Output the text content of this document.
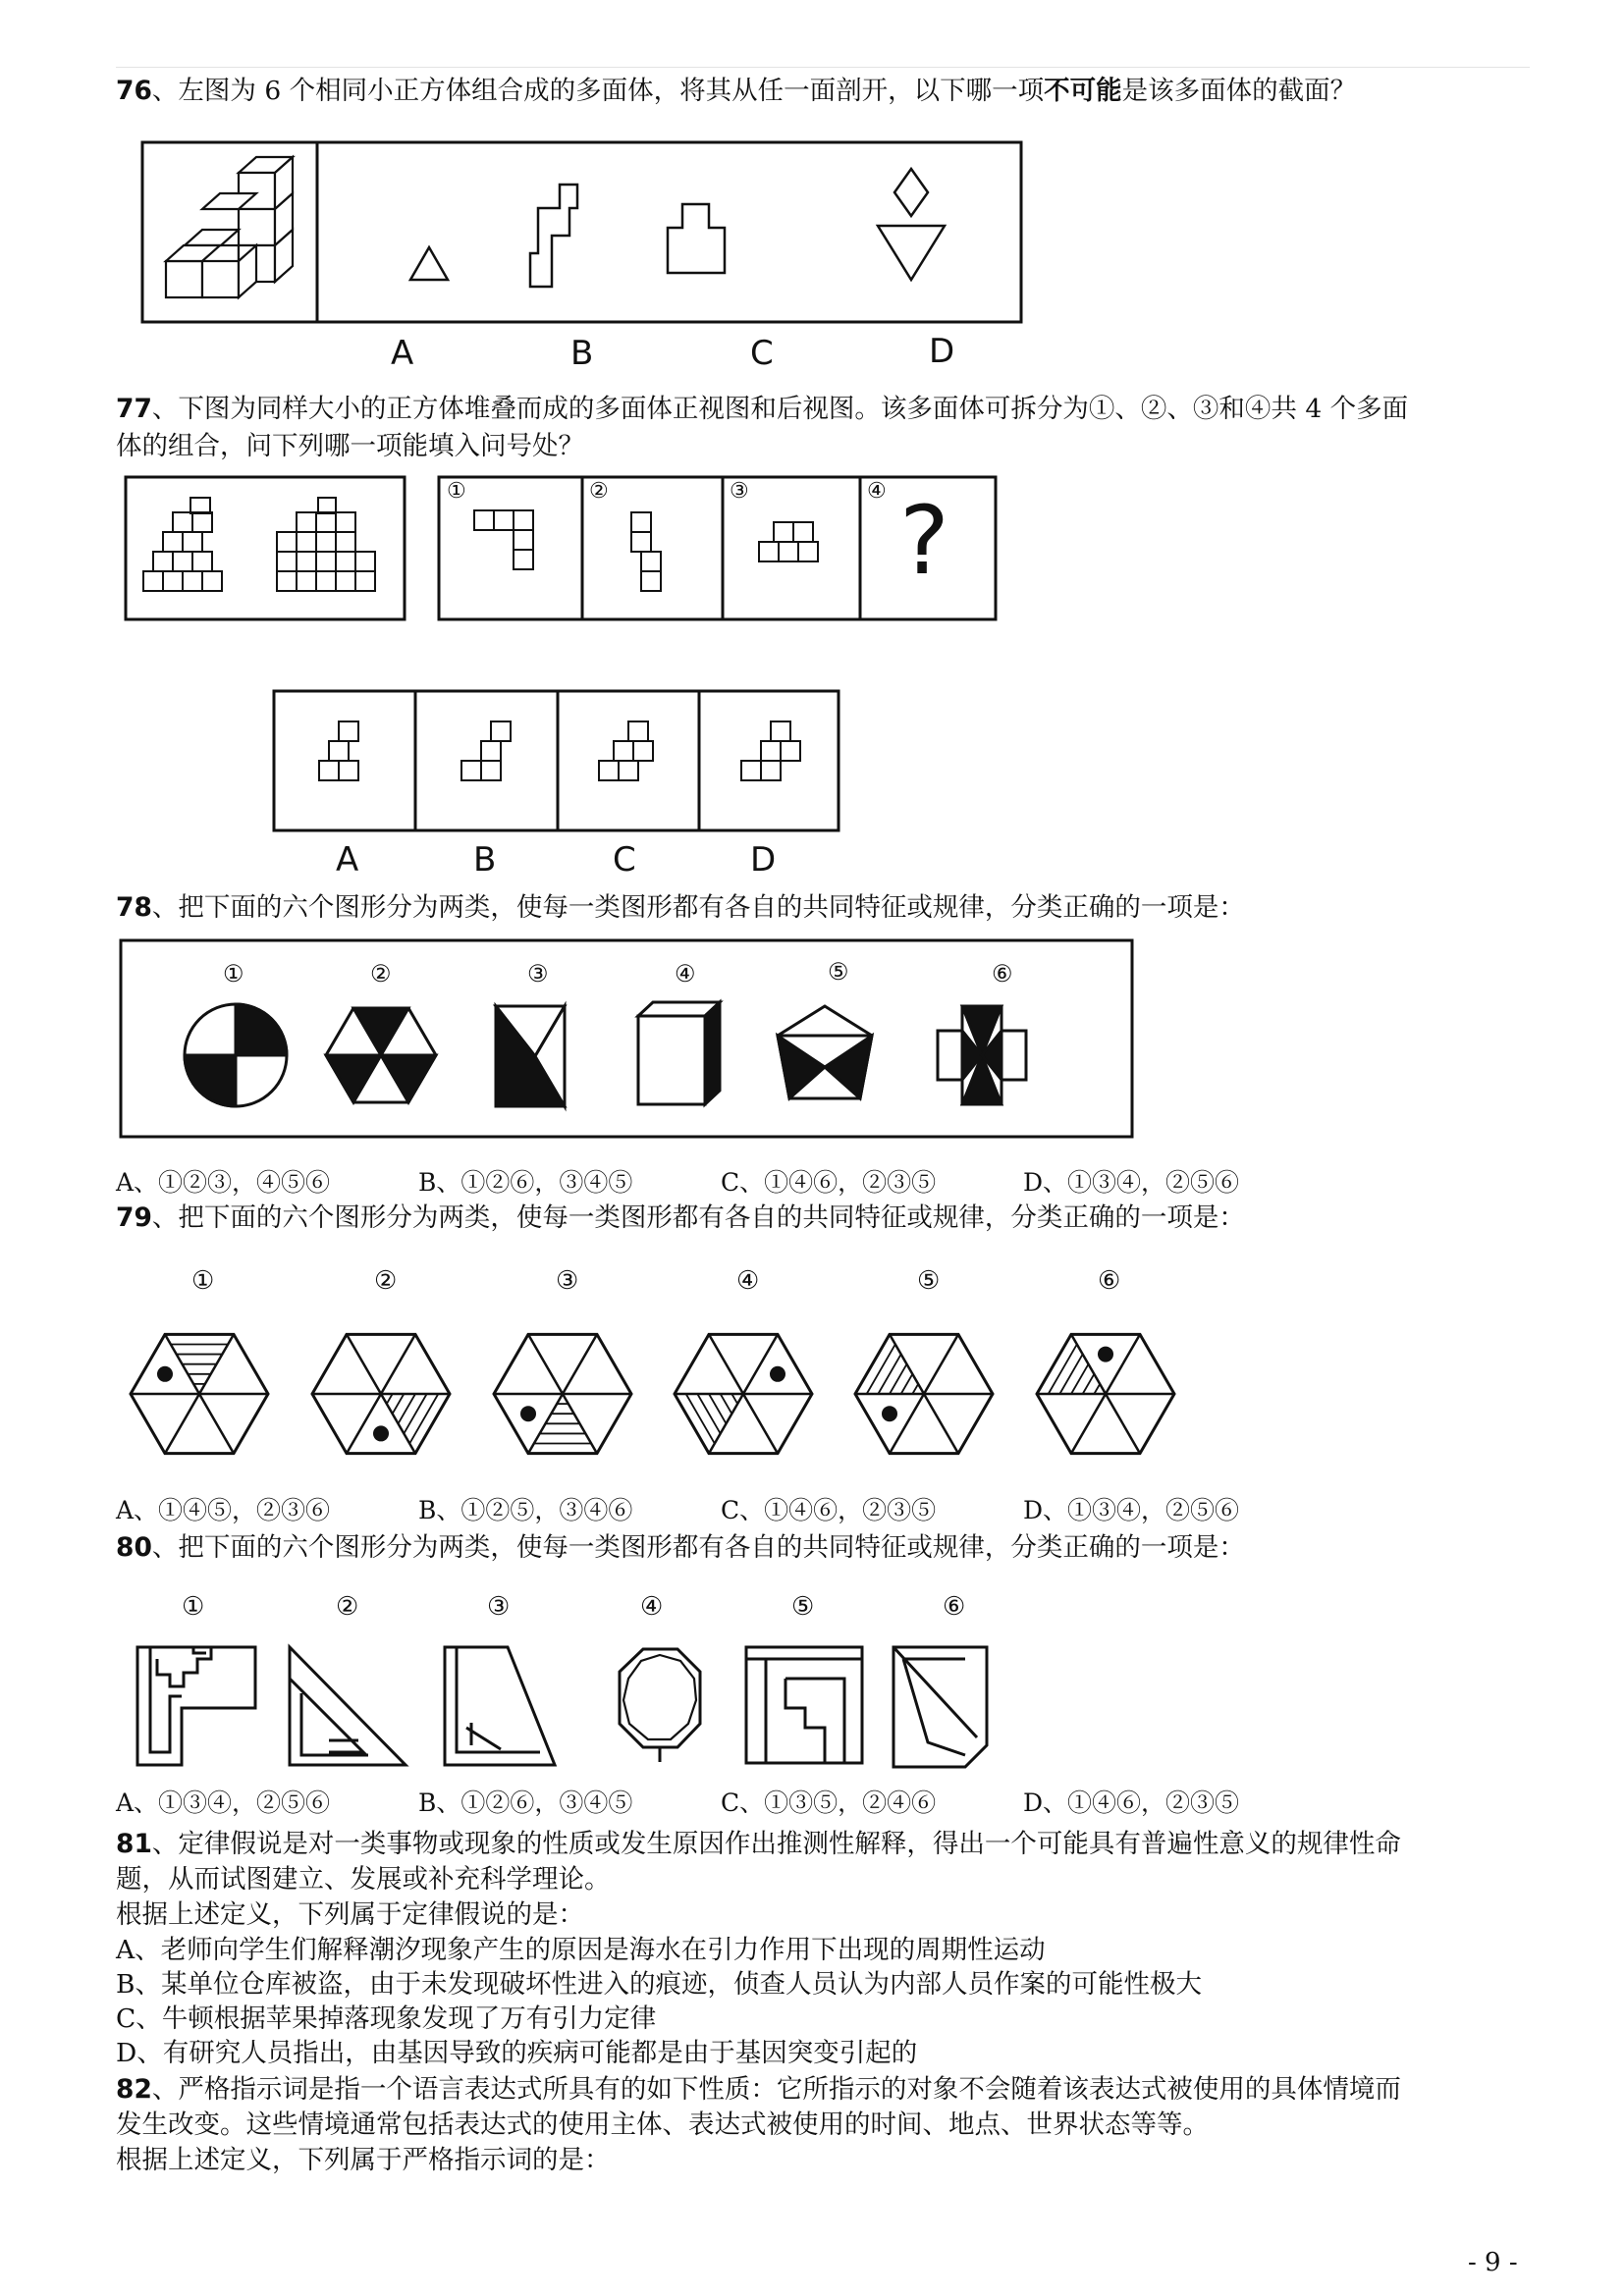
76、左图为 6 个相同小正方体组合成的多面体，将其从任一面剖开，以下哪一项不可能是该多面体的截面？
A	B	C	D
77、下图为同样大小的正方体堆叠而成的多面体正视图和后视图。该多面体可拆分为①、②、③和④共 4 个多面
体的组合，问下列哪一项能填入问号处？
①	②	③	④ ?
A	B	C	D
78、把下面的六个图形分为两类，使每一类图形都有各自的共同特征或规律，分类正确的一项是：
①	②	③	④	⑤	⑥
A、①②③，④⑤⑥	B、①②⑥，③④⑤	C、①④⑥，②③⑤	D、①③④，②⑤⑥
79、把下面的六个图形分为两类，使每一类图形都有各自的共同特征或规律，分类正确的一项是：
①	②	③	④	⑤	⑥
A、①④⑤，②③⑥	B、①②⑤，③④⑥	C、①④⑥，②③⑤	D、①③④，②⑤⑥
80、把下面的六个图形分为两类，使每一类图形都有各自的共同特征或规律，分类正确的一项是：
①	②	③	④	⑤	⑥
A、①③④，②⑤⑥	B、①②⑥，③④⑤	C、①③⑤，②④⑥	D、①④⑥，②③⑤
81、定律假说是对一类事物或现象的性质或发生原因作出推测性解释，得出一个可能具有普遍性意义的规律性命
题，从而试图建立、发展或补充科学理论。
根据上述定义，下列属于定律假说的是：
A、老师向学生们解释潮汐现象产生的原因是海水在引力作用下出现的周期性运动
B、某单位仓库被盗，由于未发现破坏性进入的痕迹，侦查人员认为内部人员作案的可能性极大
C、牛顿根据苹果掉落现象发现了万有引力定律
D、有研究人员指出，由基因导致的疾病可能都是由于基因突变引起的
82、严格指示词是指一个语言表达式所具有的如下性质：它所指示的对象不会随着该表达式被使用的具体情境而
发生改变。这些情境通常包括表达式的使用主体、表达式被使用的时间、地点、世界状态等等。
根据上述定义，下列属于严格指示词的是：
- 9 -
